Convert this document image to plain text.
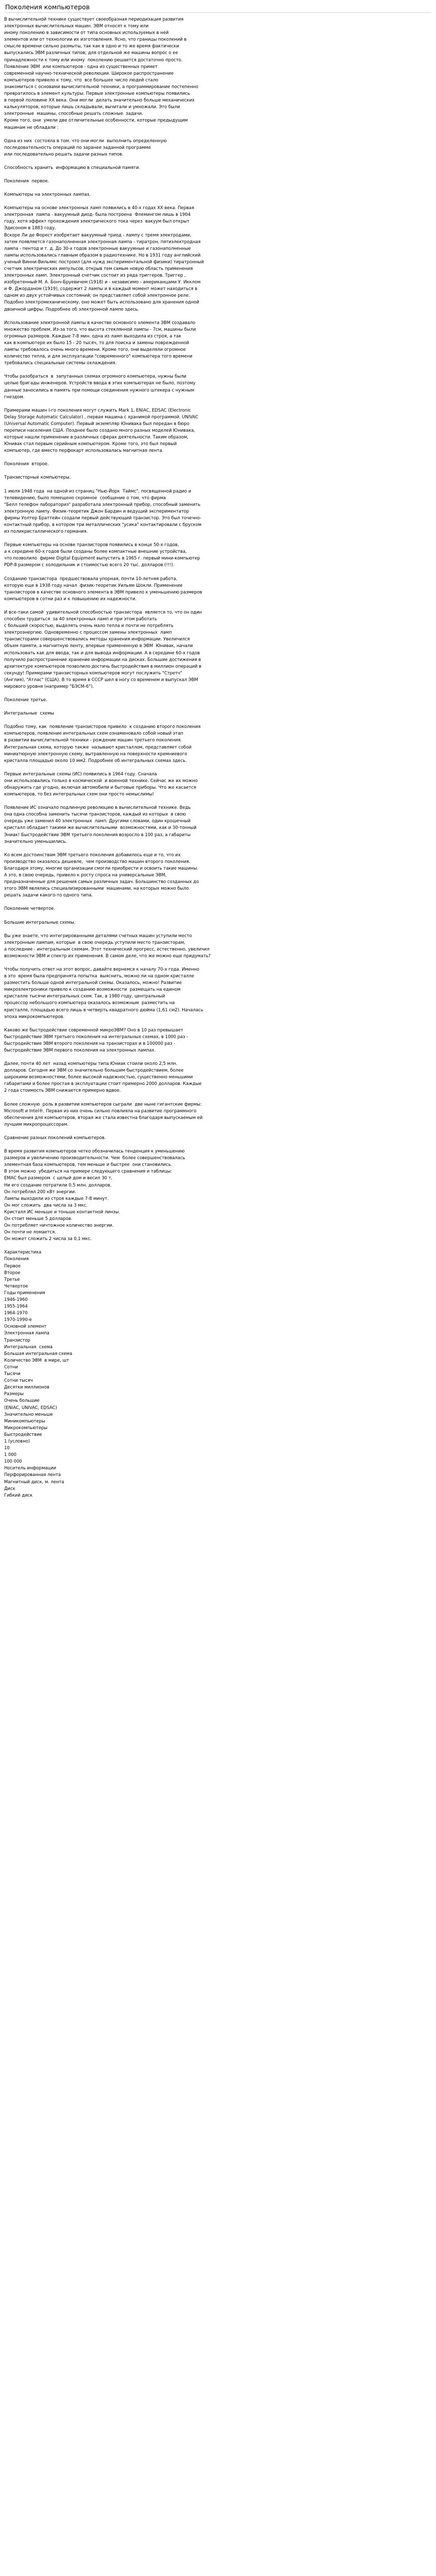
Поколения компьютеров
В вычислительной технике существует своеобразная периодизация развития
электронных вычислительных машин. ЭВМ относят к тому или
иному поколению в зависимости от типа основных используемых в ней
элементов или от технологии их изготовления. Ясно, что границы поколений в
смысле времени сильно размыты, так как в одно и то же время фактически
выпускались ЭВМ различных типов; для отдельной же машины вопрос о ее
принадлежности к тому или иному  поколению решается достаточно просто.
Появление ЭВМ  или компьютеров - одна из существенных примет
современной научно-технической революции. Широкое распространение
компьютеров привело к тому, что  все большее число людей стало
знакомиться с основами вычислительной техники, а программирование постепенно
превратилось в элемент культуры. Первые электронные компьютеры появились
в первой половине XX века. Они могли  делать значительно больше механических
калькуляторов, которые лишь складывали, вычитали и умножали. Это были
электронные  машины, способные решать сложные  задачи.
Кроме того, они  умели две отличительные особенности, которые предыдущим
машинам не обладали :
Одна из них  состояла в том, что они могли  выполнить определенную
последовательность операций по заранее заданной программе
или последовательно решать задачи разных типов.
Способность хранить  информацию в специальной памяти.
Поколения  первое.
Компьютеры на электронных лампах.
Компьютеры на основе электронных ламп появились в 40-х годах XX века. Первая
электронная  лампа - вакуумный диод- была построена  Флемингом лишь в 1904
году, хотя эффект прохождения электрического тока через  вакуум был открыт
Эдисоном в 1883 году.
Вскоре Ли де Форест изобретает вакуумный триод - лампу с тремя электродами,
затем появляется газонаполненная электронная лампа - тиратрон, пятиэлектродная
лампа - пентод и т. д. До 30-х годов электронные вакуумные и газонаполненные
лампы использовались главным образом в радиотехнике. Но в 1931 году английский
ученый Винни-Вильямс построил (для нужд экспериментальной физики) тиратронный
счетчик электрических импульсов, открыв тем самым новую область применения
электронных ламп. Электронный счетчик состоит из ряда триггеров. Триггер ,
изобретенный М. А. Бонч-Бруевичем (1918) и - независимо - американцами У. Икклом
и Ф. Джорданом (1919), содержит 2 лампы и в каждый момент может находиться в
одном из двух устойчивых состояний; он представляет собой электронное реле.
Подобно электромеханическому, оно может быть использовано для хранения одной
двоичной цифры. Подробнее об электронной лампе здесь.
Использование электронной лампы в качестве основного элемента ЭВМ создавало
множество проблем. Из-за того, что высота стеклянной лампы - 7см, машины были
огромных размеров. Каждые 7-8 мин. одна из ламп выходила из строя, а так
как в компьютере их было 15 - 20 тысяч, то для поиска и замены поврежденной
лампы требовалось очень много времени. Кроме того, они выделяли огромное
количество тепла, и для эксплуатации "современного" компьютера того времени
требовались специальные системы охлаждения.
Чтобы разобраться  в  запутанных схемах огромного компьютера, нужны были
целые бригады инженеров. Устройств ввода в этих компьютерах не было, поэтому
данные заносились в память при помощи соединения нужного штекера с нужным
гнездом.
Примерами машин I-го поколения могут служить Mark 1, ENIAC, EDSAC (Electronic
Delay Storage Automatic Calculator) , первая машина с хранимой программой. UNIVAC
(Universal Automatic Computer). Первый экземпляр Юнивака был передан в бюро
переписи населения США. Позднее было создано много разных моделей Юнивака,
которые нашли применение в различных сферах деятельности. Таким образом,
Юнивак стал первым серийным компьютером. Кроме того, этo был первый
компьютер, где вместо перфокарт использовалась магнитная лента.
Поколения  второе.
Транзисторные компьютеры.
1 июля 1948 года  на одной из страниц "Нью-Йорк  Таймс", посвященной радио и
телевидению, было помещено скромное  сообщение о том, что фирма
"Белл телефон лабораториз" разработала электронный прибор, способный заменить
электронную лампу. Физик-теоретик Джон Бардин и ведущий экспериментатор
фирмы Уолтер Браттейн создали первый действующий транзистор. Это был точечно-
контактный прибор, в котором три металлических "усика" контактировали с бруском
из поликристаллического германия.
Первые компьютеры на основе транзисторов появились в конце 50-х годов,
а к середине 60-х годов были созданы более компактные внешние устройства,
что позволило  фирме Digital Equipment выпустить в 1965 г. первый мини-компьютер
PDP-8 размером с холодильник и стоимостью всего 20 тыс. долларов (!!!).
Созданию транзистора  предшествовала упорная, почти 10-летняя работа,
которую еще в 1938 году начал  физик-теоретик Уильям Шокли. Применение
транзисторов в качестве основного элемента в ЭВМ привело к уменьшению размеров
компьютеров в сотни раз и к повышению их надежности.
И все-таки самой  удивительной способностью транзистора  является то, что он один
способен трудиться  за 40 электронных ламп и при этом работать
с большей скоростью, выделять очень мало тепла и почти не потреблять
электроэнергию. Одновременно с процессом замены электронных  ламп
транзисторами совершенствовались методы хранения информации. Увеличился
объем памяти, а магнитную ленту, впервые примененную в ЭВМ  Юнивак, начали
использовать как для ввода, так и для вывода информации. А в середине 60-х годов
получило распространение хранение информации на дисках. Большие достижения в
архитектуре компьютеров позволило достичь быстродействия в миллион операций в
секунду! Примерами транзисторных компьютеров могут послужить "Стретч"
(Англия), "Атлас" (США). В то время в СССР шел в ногу со временем и выпускал ЭВМ
мирового уровня (например "БЭСМ-6").
Поколение третье.
Интегральные  схемы
Подобно тому, как  появление транзисторов привело  к созданию второго поколения
компьютеров, появление интегральных схем ознаменовало собой новый этап
в развитии вычислительной техники - рождение машин третьего поколения.
Интегральная схема, которую также  называют кристаллом, представляет собой
миниатюрную электронную схему, вытравленную на поверхности кремниевого
кристалла площадью около 10 мм2. Подробнее об интегральных схемах здесь.
Первые интегральные схемы (ИС) появились в 1964 году. Сначала
они использовались только в космической  и военной технике. Сейчас же их можно
обнаружить где угодно, включая автомобили и бытовые приборы. Что же касается
компьютеров, то без интегральных схем они просто немыслимы!
Появление ИС означало подлинную революцию в вычислительной технике. Ведь
она одна способна заменить тысячи транзисторов, каждый из которых  в свою
очередь уже заменил 40 электронных  ламп. Другими словами, один крошечный
кристалл обладает такими же вычислительными  возможностями, как и 30-тонный
Эниак! Быстродействие ЭВМ третьего поколения возросло в 100 раз, а габариты
значительно уменьшились.
Ко всем достоинствам ЭВМ третьего поколения добавилось еще и то, что их
производство оказалось дешевле,  чем производство машин второго поколения.
Благодаря этому, многие организации смогли приобрести и освоить такие машины.
А это, в свою очередь, привело к росту спроса на универсальные ЭВМ,
предназначенные для решения самых различных задач. Большинство созданных до
этого ЭВМ являлись специализированными  машинами, на которых можно было
решать задачи какого-то одного типа.
Поколение четвертое.
Большие интегральные схемы.
Вы уже знаете, что интегрированными деталями счетных машин уступили место
электронным лампам, которые  в свою очередь уступили место транзисторам,
а последние - интегральным схемам. Этот технический прогресс, естественно, увеличил
возможности ЭВМ и спектр их применения. В самом деле, что же можно еще придумать?
Чтобы получить ответ на этот вопрос, давайте вернемся к началу 70-х года. Именно
в это  время была предпринята попытка  выяснить, можно ли на одном кристалле
разместить больше одной интегральной схемы. Оказалось, можно! Развитие
микроэлектроники привело к созданию возможности  размещать на едином
кристалле тысячи интегральных схем. Так, в 1980 году, центральный
процессор небольшого компьютера оказалось возможным  разместить на
кристалле, площадью всего лишь в четверть квадратного дюйма (1,61 см2). Началась
эпоха микрокомпьютеров.
Каково же быстродействие современной микроЭВМ? Оно в 10 раз превышает
быстродействие ЭВМ третьего поколения на интегральных схемах, в 1000 раз -
быстродействие ЭВМ второго поколения на транзисторах и в 100000 раз -
быстродействие ЭВМ первого поколения на электронных лампах.
Далее, почти 40 лет  назад компьютеры типа Юниак стоили около 2,5 млн.
долларов. Сегодня же ЭВМ со значительно большим быстродействием, более
широкими возможностями, более высокой надежностью, существенно меньшими
габаритами и более простая в эксплуатации стоит примерно 2000 долларов. Каждые
2 года стоимость ЭВМ снижается примерно вдвое.
Более сложную  роль в развитии компьютеров сыграли  две ныне гигантские фирмы:
Microsoft и Intel®. Первая из них очень сильно повлияла на развитие программного
обеспечения для компьютеров, вторая же стала известна благодаря выпускаемым ей
лучшим микропроцессорам.
Сравнение разных поколений компьютеров.
В время развития компьютеров четко обозначилась тенденция к уменьшению
размеров и увеличению производительности. Чем  более совершенствовалась
элементная база компьютеров, тем меньше и быстрее  они становились.
В этом можно  убедиться на примере следующего сравнения и таблицы:
ЕМАС был размером  с целый дом и весил 30 т,
Ни его создание потратили 0,5 млн. долларов.
Он потреблял 200 кВт энергии.
Лампы выходили из строя каждые 7-8 минут.
Он мог сложить  два числа за 3 мкс.
Кристалл ИС меньше и тоньше контактной линзы.
Он стоит меньше 5 долларов.
Он потребляет ничтожное количество энергии.
Он почти не ломается.
Он может сложить 2 числа за 0,1 мкс.
Характеристика
Поколения
Первое
Второе
Третье
Четвертое
Годы применения
1946-1960
1955-1964
1964-1970
1970-1990-е
Основной элемент
Электронная лампа
Транзистор
Интегральная  схема
Большая интегральная схема
Количество ЭВМ  в мире, шт
Сотни
Тысячи
Сотни тысяч
Десятки миллионов
Размеры
Очень большие
(ENIAC, UNIVAC, EDSAC)
Значительно меньше
Миникомпьютеры
Микрокомпьютеры
Быстродействие
1 (условно)
10
1 000
100 000
Носитель информации
Перфорированная лента
Магнитный диск, м. лента
Диск
Гибкий диск
